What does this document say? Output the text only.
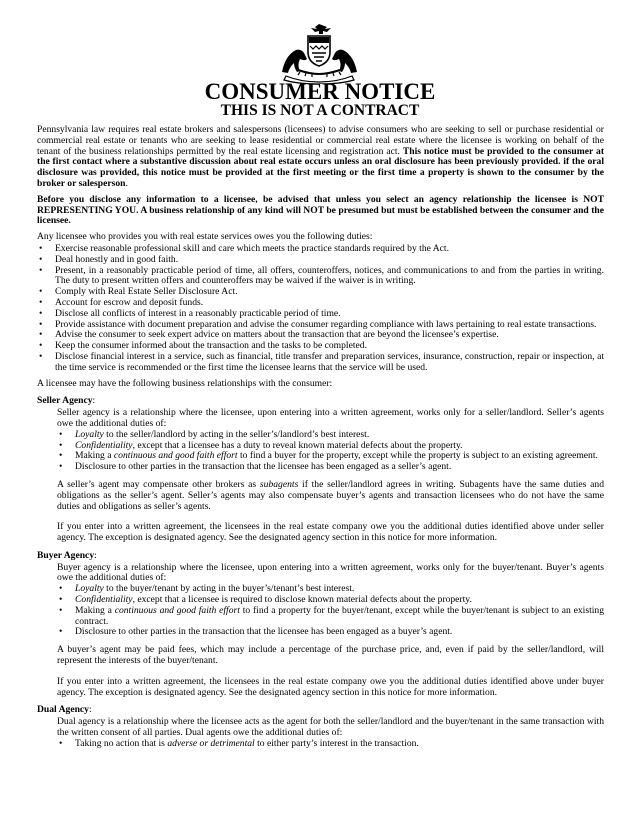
CONSUMER NOTICE
THIS IS NOT A CONTRACT

Pennsylvania law requires real estate brokers and salespersons (licensees) to advise consumers who are seeking to sell or purchase residential or commercial real estate or tenants who are seeking to lease residential or commercial real estate where the licensee is working on behalf of the tenant of the business relationships permitted by the real estate licensing and registration act. This notice must be provided to the consumer at the first contact where a substantive discussion about real estate occurs unless an oral disclosure has been previously provided. if the oral disclosure was provided, this notice must be provided at the first meeting or the first time a property is shown to the consumer by the broker or salesperson.

Before you disclose any information to a licensee, be advised that unless you select an agency relationship the licensee is NOT REPRESENTING YOU. A business relationship of any kind will NOT be presumed but must be established between the consumer and the licensee.

Any licensee who provides you with real estate services owes you the following duties:
• Exercise reasonable professional skill and care which meets the practice standards required by the Act.
• Deal honestly and in good faith.
• Present, in a reasonably practicable period of time, all offers, counteroffers, notices, and communications to and from the parties in writing. The duty to present written offers and counteroffers may be waived if the waiver is in writing.
• Comply with Real Estate Seller Disclosure Act.
• Account for escrow and deposit funds.
• Disclose all conflicts of interest in a reasonably practicable period of time.
• Provide assistance with document preparation and advise the consumer regarding compliance with laws pertaining to real estate transactions.
• Advise the consumer to seek expert advice on matters about the transaction that are beyond the licensee’s expertise.
• Keep the consumer informed about the transaction and the tasks to be completed.
• Disclose financial interest in a service, such as financial, title transfer and preparation services, insurance, construction, repair or inspection, at the time service is recommended or the first time the licensee learns that the service will be used.

A licensee may have the following business relationships with the consumer:

Seller Agency:
Seller agency is a relationship where the licensee, upon entering into a written agreement, works only for a seller/landlord. Seller’s agents owe the additional duties of:
• Loyalty to the seller/landlord by acting in the seller’s/landlord’s best interest.
• Confidentiality, except that a licensee has a duty to reveal known material defects about the property.
• Making a continuous and good faith effort to find a buyer for the property, except while the property is subject to an existing agreement.
• Disclosure to other parties in the transaction that the licensee has been engaged as a seller’s agent.

A seller’s agent may compensate other brokers as subagents if the seller/landlord agrees in writing. Subagents have the same duties and obligations as the seller’s agent. Seller’s agents may also compensate buyer’s agents and transaction licensees who do not have the same duties and obligations as seller’s agents.

If you enter into a written agreement, the licensees in the real estate company owe you the additional duties identified above under seller agency. The exception is designated agency. See the designated agency section in this notice for more information.

Buyer Agency:
Buyer agency is a relationship where the licensee, upon entering into a written agreement, works only for the buyer/tenant. Buyer’s agents owe the additional duties of:
• Loyalty to the buyer/tenant by acting in the buyer’s/tenant’s best interest.
• Confidentiality, except that a licensee is required to disclose known material defects about the property.
• Making a continuous and good faith effort to find a property for the buyer/tenant, except while the buyer/tenant is subject to an existing contract.
• Disclosure to other parties in the transaction that the licensee has been engaged as a buyer’s agent.

A buyer’s agent may be paid fees, which may include a percentage of the purchase price, and, even if paid by the seller/landlord, will represent the interests of the buyer/tenant.

If you enter into a written agreement, the licensees in the real estate company owe you the additional duties identified above under buyer agency. The exception is designated agency. See the designated agency section in this notice for more information.

Dual Agency:
Dual agency is a relationship where the licensee acts as the agent for both the seller/landlord and the buyer/tenant in the same transaction with the written consent of all parties. Dual agents owe the additional duties of:
• Taking no action that is adverse or detrimental to either party’s interest in the transaction.
